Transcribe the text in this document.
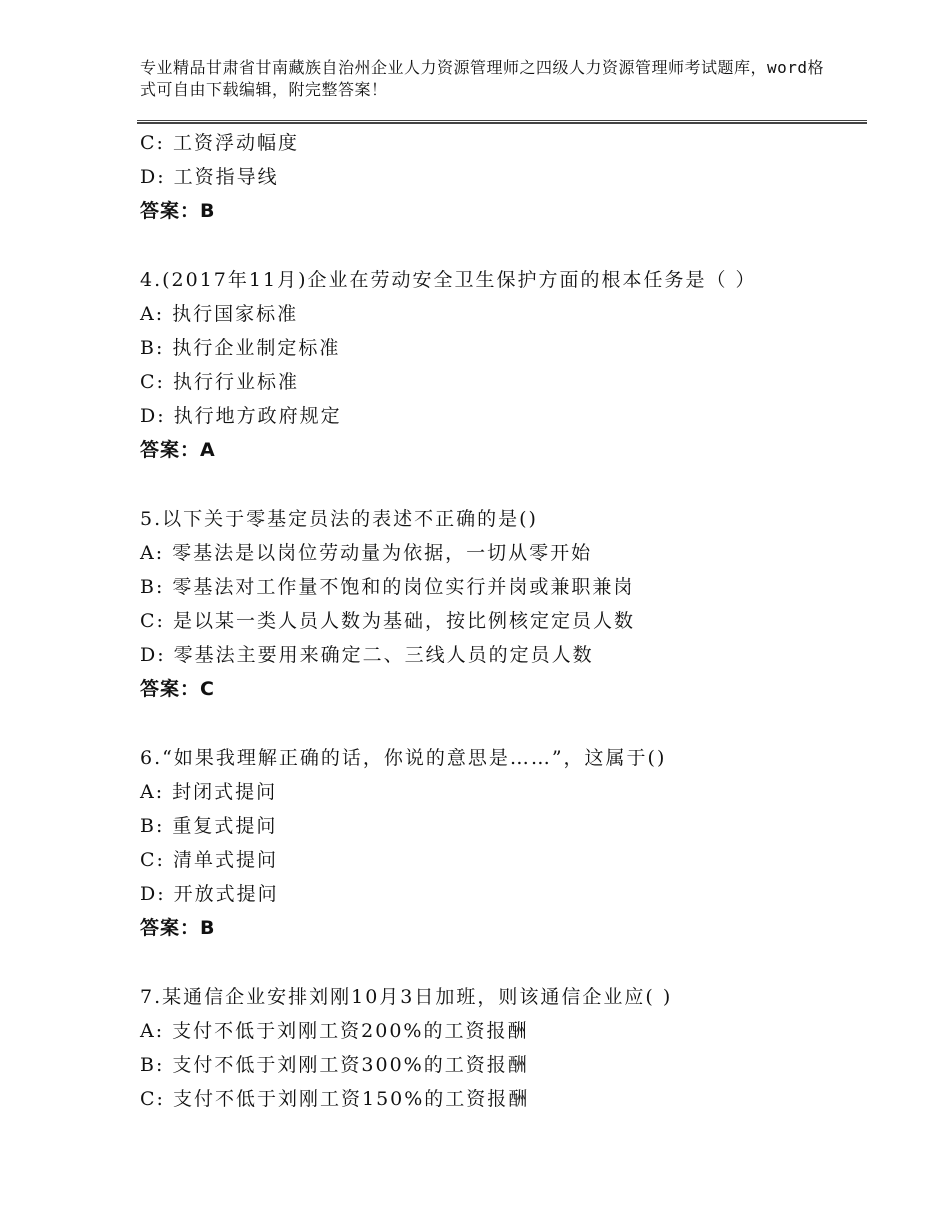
专业精品甘肃省甘南藏族自治州企业人力资源管理师之四级人力资源管理师考试题库，word格式可自由下载编辑，附完整答案！
C: 工资浮动幅度
D: 工资指导线
答案：B
4.(2017年11月)企业在劳动安全卫生保护方面的根本任务是（ ）
A: 执行国家标准
B: 执行企业制定标准
C: 执行行业标准
D: 执行地方政府规定
答案：A
5.以下关于零基定员法的表述不正确的是()
A: 零基法是以岗位劳动量为依据，一切从零开始
B: 零基法对工作量不饱和的岗位实行并岗或兼职兼岗
C: 是以某一类人员人数为基础，按比例核定定员人数
D: 零基法主要用来确定二、三线人员的定员人数
答案：C
6.“如果我理解正确的话，你说的意思是……”，这属于()
A: 封闭式提问
B: 重复式提问
C: 清单式提问
D: 开放式提问
答案：B
7.某通信企业安排刘刚10月3日加班，则该通信企业应( )
A: 支付不低于刘刚工资200%的工资报酬
B: 支付不低于刘刚工资300%的工资报酬
C: 支付不低于刘刚工资150%的工资报酬
